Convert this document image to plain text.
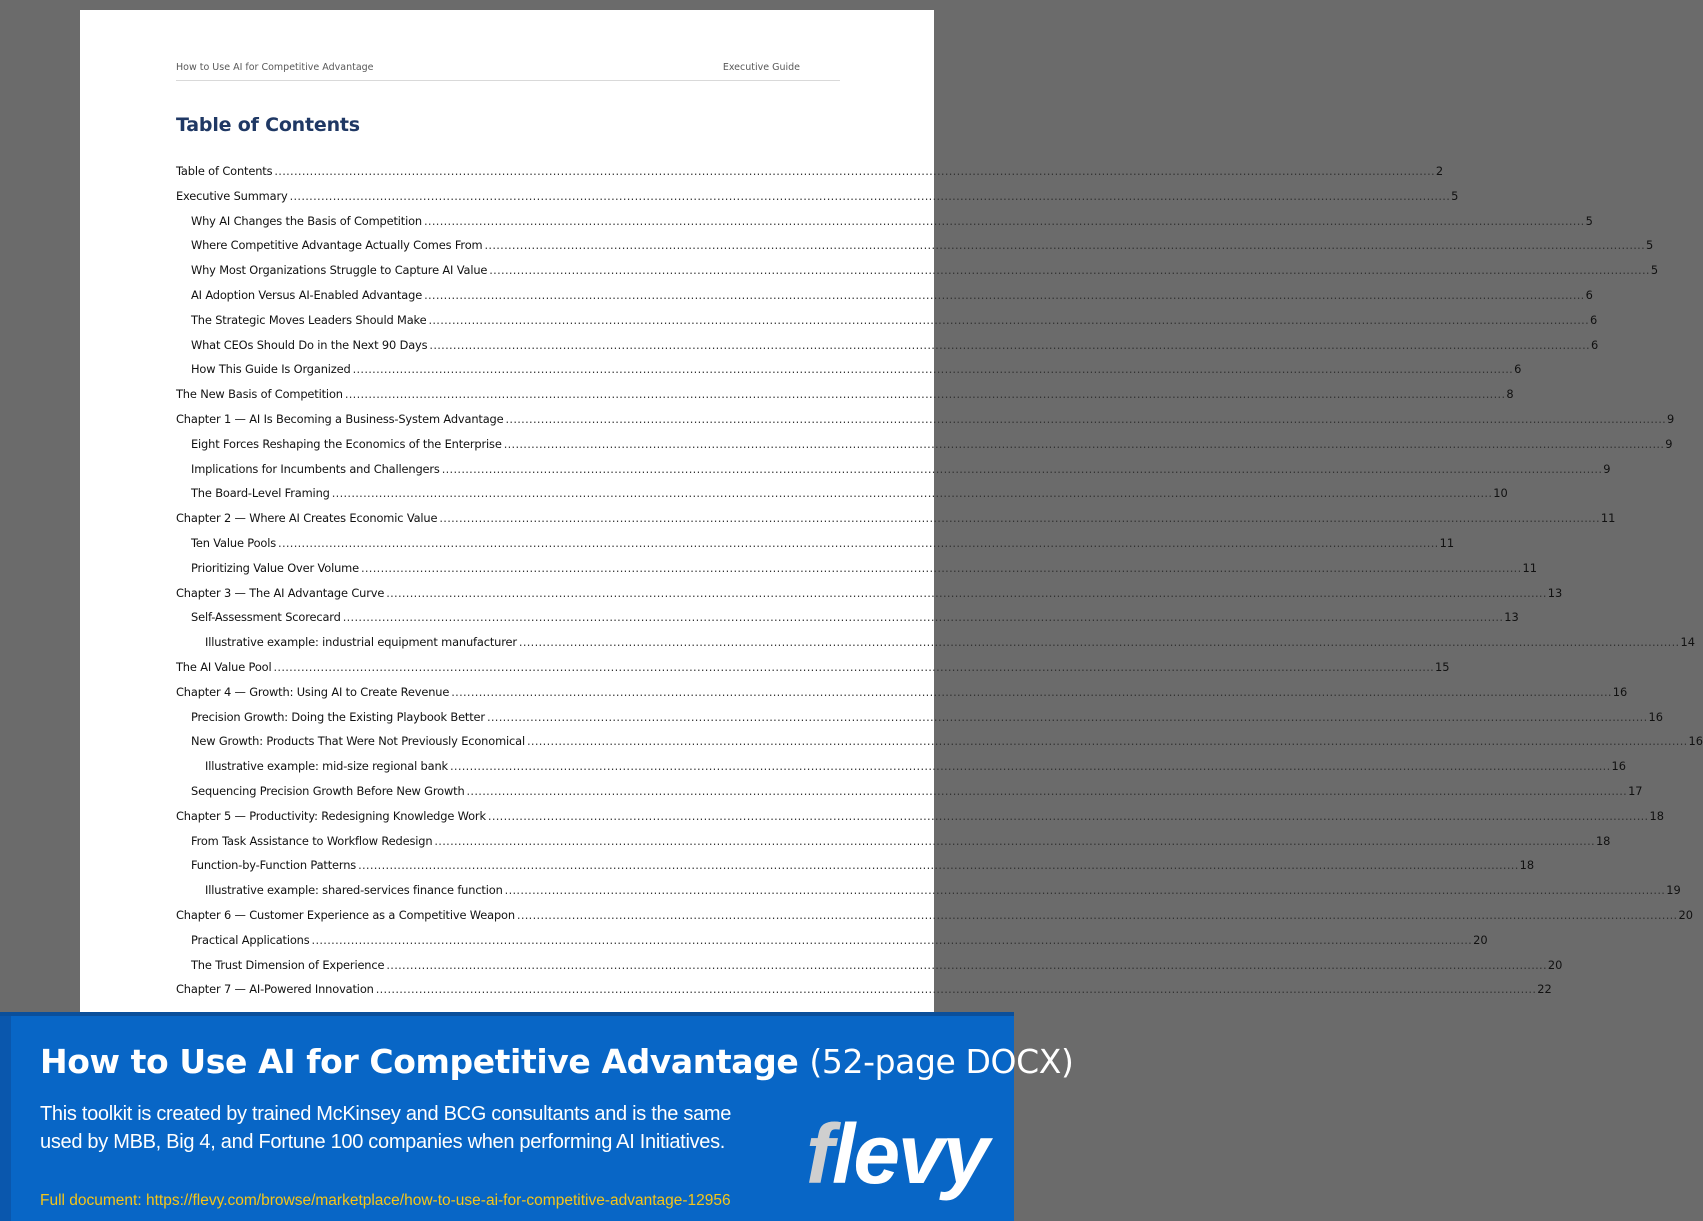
How to Use AI for Competitive Advantage	Executive Guide
Table of Contents
Table of Contents .....	2
Executive Summary .....	5
Why AI Changes the Basis of Competition .....	5
Where Competitive Advantage Actually Comes From .....	5
Why Most Organizations Struggle to Capture AI Value .....	5
AI Adoption Versus AI-Enabled Advantage .....	6
The Strategic Moves Leaders Should Make .....	6
What CEOs Should Do in the Next 90 Days .....	6
How This Guide Is Organized .....	6
The New Basis of Competition .....	8
Chapter 1 — AI Is Becoming a Business-System Advantage .....	9
Eight Forces Reshaping the Economics of the Enterprise .....	9
Implications for Incumbents and Challengers .....	9
The Board-Level Framing .....	10
Chapter 2 — Where AI Creates Economic Value .....	11
Ten Value Pools .....	11
Prioritizing Value Over Volume .....	11
Chapter 3 — The AI Advantage Curve .....	13
Self-Assessment Scorecard .....	13
Illustrative example: industrial equipment manufacturer .....	14
The AI Value Pool .....	15
Chapter 4 — Growth: Using AI to Create Revenue .....	16
Precision Growth: Doing the Existing Playbook Better .....	16
New Growth: Products That Were Not Previously Economical .....	16
Illustrative example: mid-size regional bank .....	16
Sequencing Precision Growth Before New Growth .....	17
Chapter 5 — Productivity: Redesigning Knowledge Work .....	18
From Task Assistance to Workflow Redesign .....	18
Function-by-Function Patterns .....	18
Illustrative example: shared-services finance function .....	19
Chapter 6 — Customer Experience as a Competitive Weapon .....	20
Practical Applications .....	20
The Trust Dimension of Experience .....	20
Chapter 7 — AI-Powered Innovation .....	22
How to Use AI for Competitive Advantage (52-page DOCX)

This toolkit is created by trained McKinsey and BCG consultants and is the same used by MBB, Big 4, and Fortune 100 companies when performing AI Initiatives.

Full document: https://flevy.com/browse/marketplace/how-to-use-ai-for-competitive-advantage-12956 flevy
